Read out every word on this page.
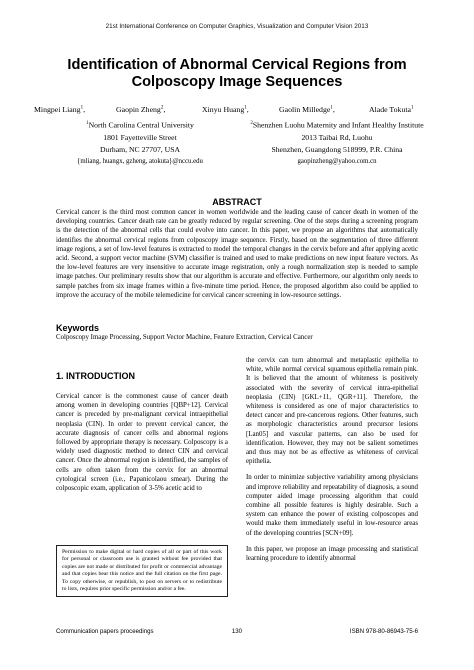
21st International Conference on Computer Graphics, Visualization and Computer Vision 2013
Identification of Abnormal Cervical Regions from
Colposcopy Image Sequences
Mingpei Liang$^1$,	Gaopin Zheng$^2$,	Xinyu Huang$^1$,	Gaolin Milledge$^1$,	Alade Tokuta$^1$
$^1$North Carolina Central University
1801 Fayetteville Street
Durham, NC 27707, USA
{mliang, huangx, gzheng, atokuta}@nccu.edu
$^2$Shenzhen Luohu Maternity and Infant Healthy Institute
2013 Taibai Rd, Luohu
Shenzhen, Guangdong 518999, P.R. China
gaopinzheng@yahoo.com.cn
ABSTRACT
Cervical cancer is the third most common cancer in women worldwide and the leading cause of cancer death in women of the developing countries. Cancer death rate can be greatly reduced by regular screening. One of the steps during a screening program is the detection of the abnormal cells that could evolve into cancer. In this paper, we propose an algorithms that automatically identifies the abnormal cervical regions from colposcopy image sequence. Firstly, based on the segmentation of three different image regions, a set of low-level features is extracted to model the temporal changes in the cervix before and after applying acetic acid. Second, a support vector machine (SVM) classifier is trained and used to make predictions on new input feature vectors. As the low-level features are very insensitive to accurate image registration, only a rough normalization step is needed to sample image patches. Our preliminary results show that our algorithm is accurate and effective. Furthermore, our algorithm only needs to sample patches from six image frames within a five-minute time period. Hence, the proposed algorithm also could be applied to improve the accuracy of the mobile telemedicine for cervical cancer screening in low-resource settings.
Keywords
Colposcopy Image Processing, Support Vector Machine, Feature Extraction, Cervical Cancer
1. INTRODUCTION
Cervical cancer is the commonest cause of cancer death among women in developing countries [QBP+12]. Cervical cancer is preceded by pre-malignant cervical intraepithelial neoplasia (CIN). In order to prevent cervical cancer, the accurate diagnosis of cancer cells and abnormal regions followed by appropriate therapy is necessary. Colposcopy is a widely used diagnostic method to detect CIN and cervical cancer. Once the abnormal region is identified, the samples of cells are often taken from the cervix for an abnormal cytological screen (i.e., Papanicolaou smear). During the colposcopic exam, application of 3-5% acetic acid to
Permission to make digital or hard copies of all or part of this work for personal or classroom use is granted without fee provided that copies are not made or distributed for profit or commercial advantage and that copies bear this notice and the full citation on the first page. To copy otherwise, or republish, to post on servers or to redistribute to lists, requires prior specific permission and/or a fee.

the cervix can turn abnormal and metaplastic epithelia to white, while normal cervical squamous epithelia remain pink. It is believed that the amount of whiteness is positively associated with the severity of cervical intra-epithelial neoplasia (CIN) [GKL+11, QGR+11]. Therefore, the whiteness is considered as one of major characteristics to detect cancer and pre-cancerous regions. Other features, such as morphologic characteristics around precursor lesions [Lan05] and vascular patterns, can also be used for identification. However, they may not be salient sometimes and thus may not be as effective as whiteness of cervical epithelia.

In order to minimize subjective variability among physicians and improve reliability and repeatability of diagnosis, a sound computer aided image processing algorithm that could combine all possible features is highly desirable. Such a system can enhance the power of existing colposcopes and would make them immediately useful in low-resource areas of the developing countries [SCN+09].

In this paper, we propose an image processing and statistical learning procedure to identify abnormal

Communication papers proceedings	130	ISBN 978-80-86943-75-6
